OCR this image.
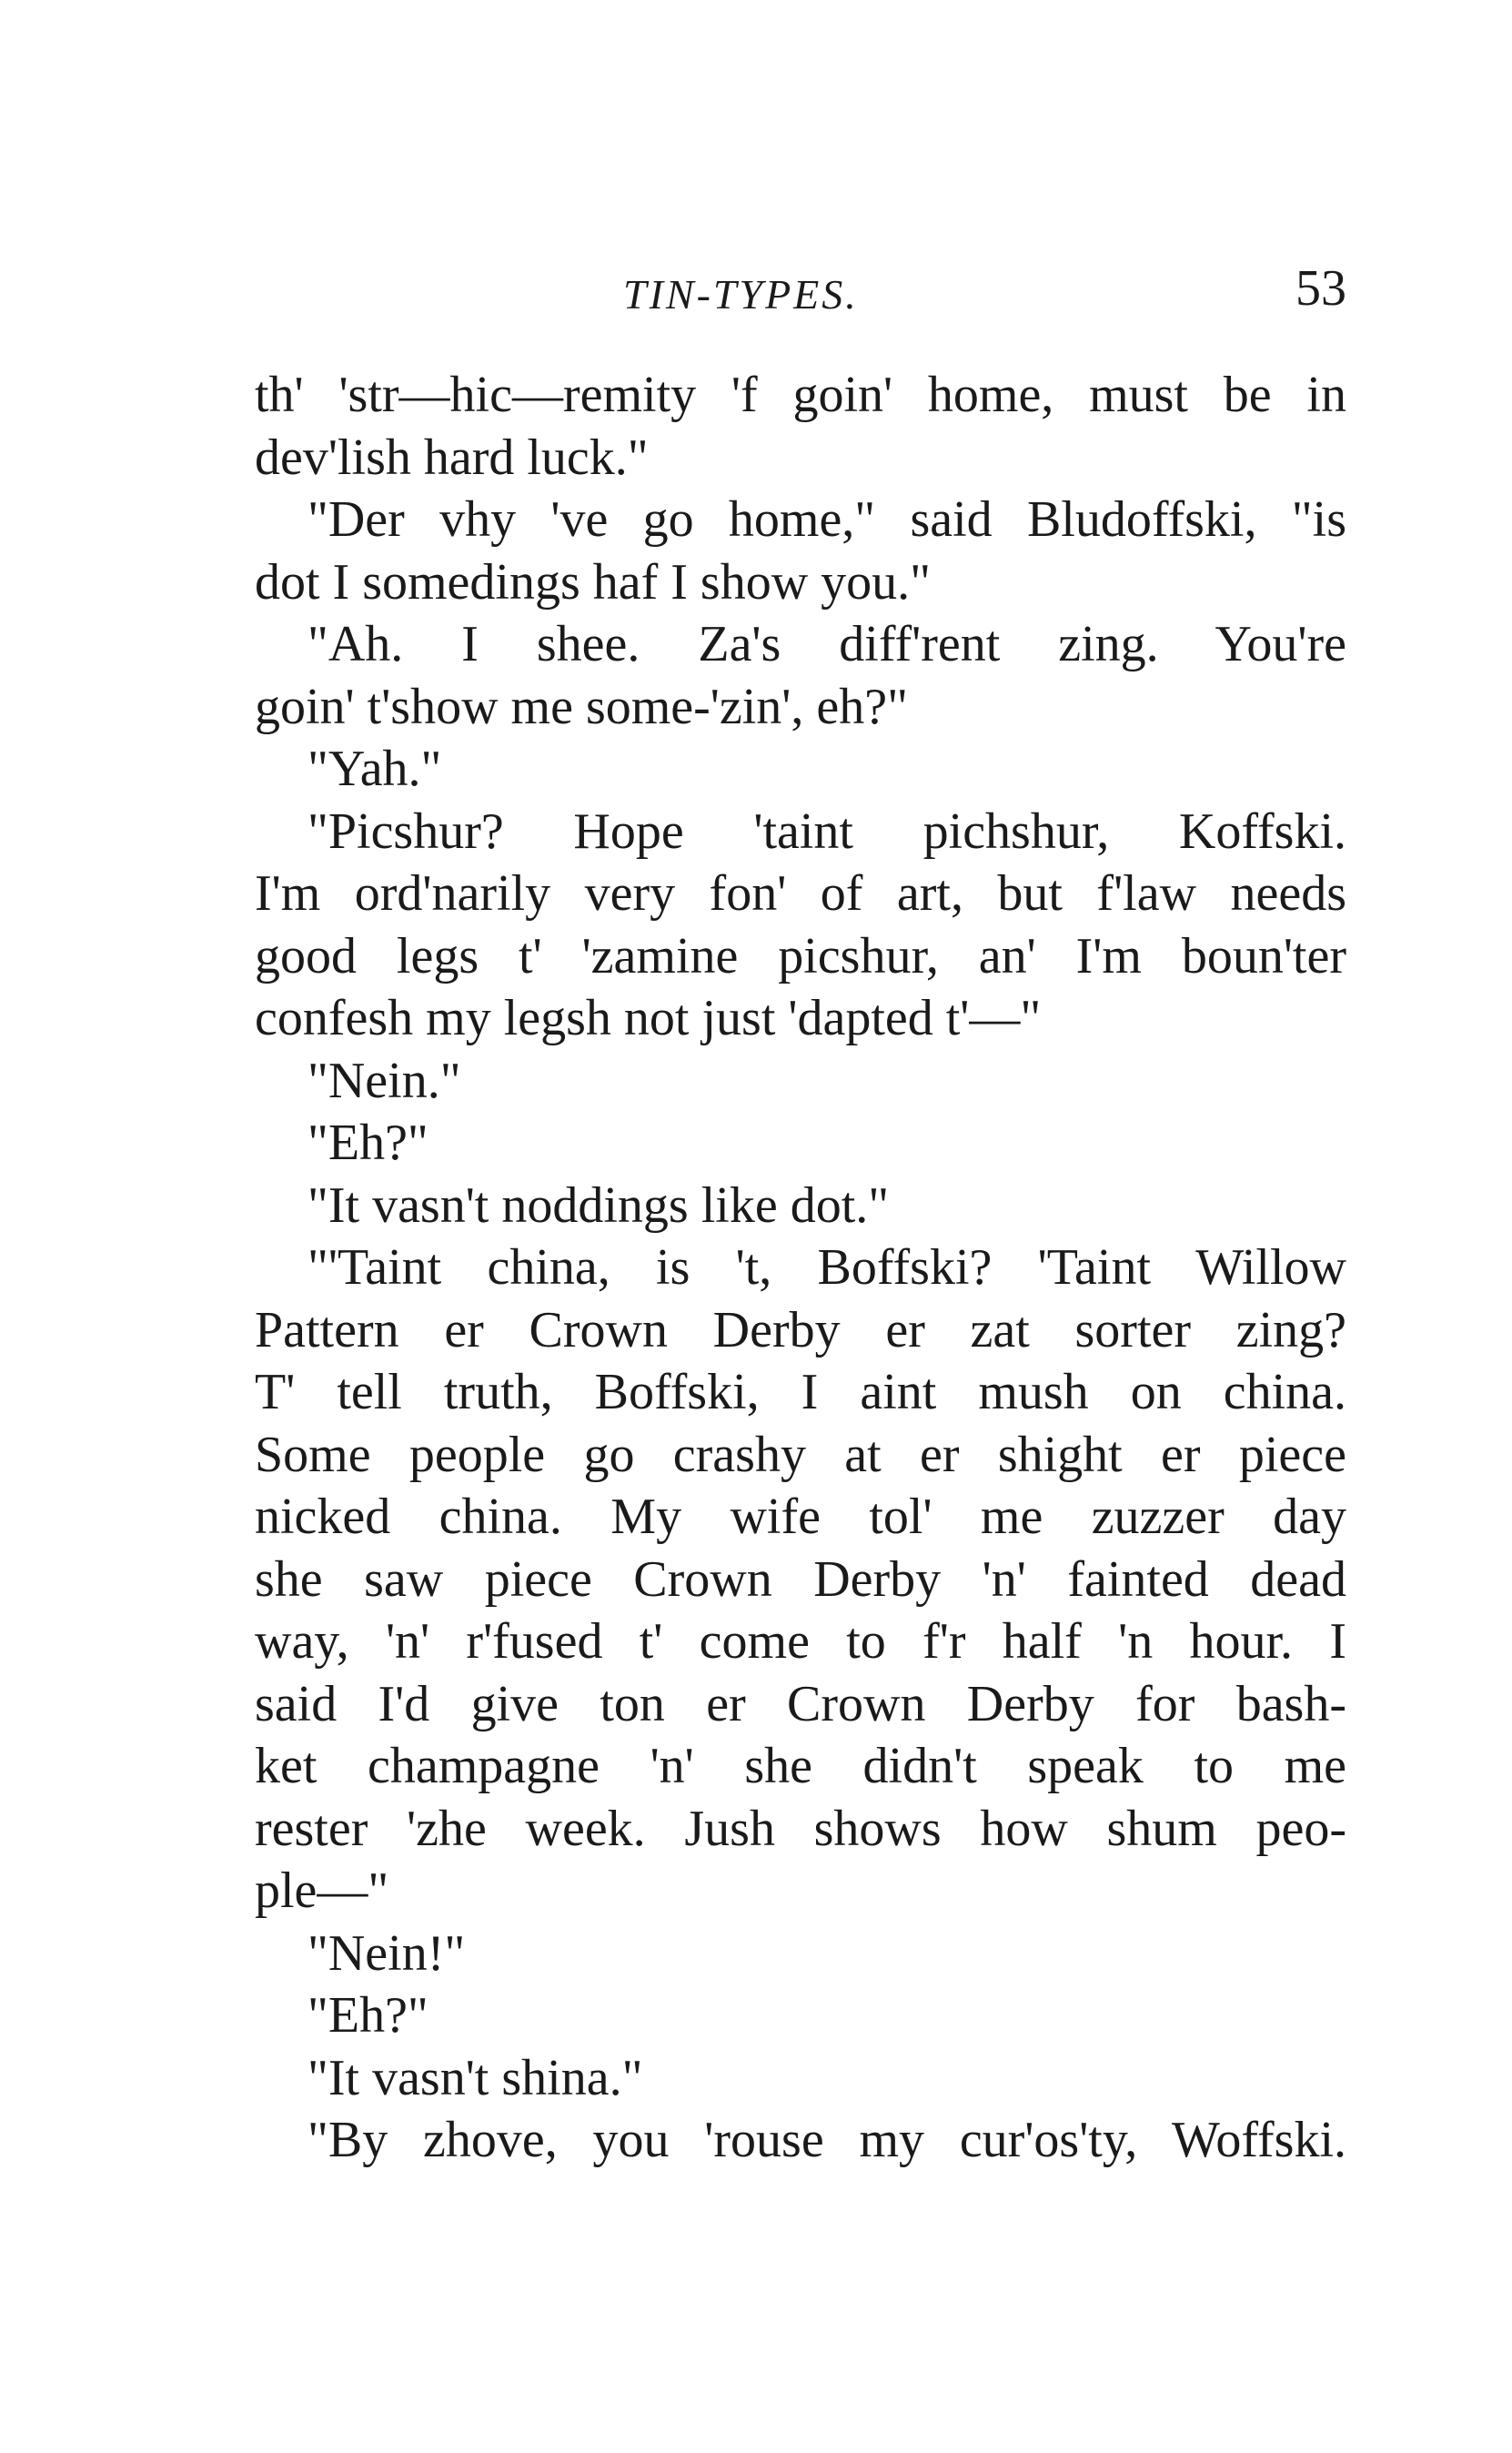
TIN-TYPES.	53
th' 'str—hic—remity 'f goin' home, must be in
dev'lish hard luck."
"Der vhy 've go home," said Bludoffski, "is
dot I somedings haf I show you."
"Ah. I shee. Za's diff'rent zing. You're
goin' t'show me some-'zin', eh?"
"Yah."
"Picshur? Hope 'taint pichshur, Koffski.
I'm ord'narily very fon' of art, but f'law needs
good legs t' 'zamine picshur, an' I'm boun'ter
confesh my legsh not just 'dapted t'—"
"Nein."
"Eh?"
"It vasn't noddings like dot."
"'Taint china, is 't, Boffski? 'Taint Willow
Pattern er Crown Derby er zat sorter zing?
T' tell truth, Boffski, I aint mush on china.
Some people go crashy at er shight er piece
nicked china. My wife tol' me zuzzer day
she saw piece Crown Derby 'n' fainted dead
way, 'n' r'fused t' come to f'r half 'n hour. I
said I'd give ton er Crown Derby for bash-
ket champagne 'n' she didn't speak to me
rester 'zhe week. Jush shows how shum peo-
ple—"
"Nein!"
"Eh?"
"It vasn't shina."
"By zhove, you 'rouse my cur'os'ty, Woffski.
